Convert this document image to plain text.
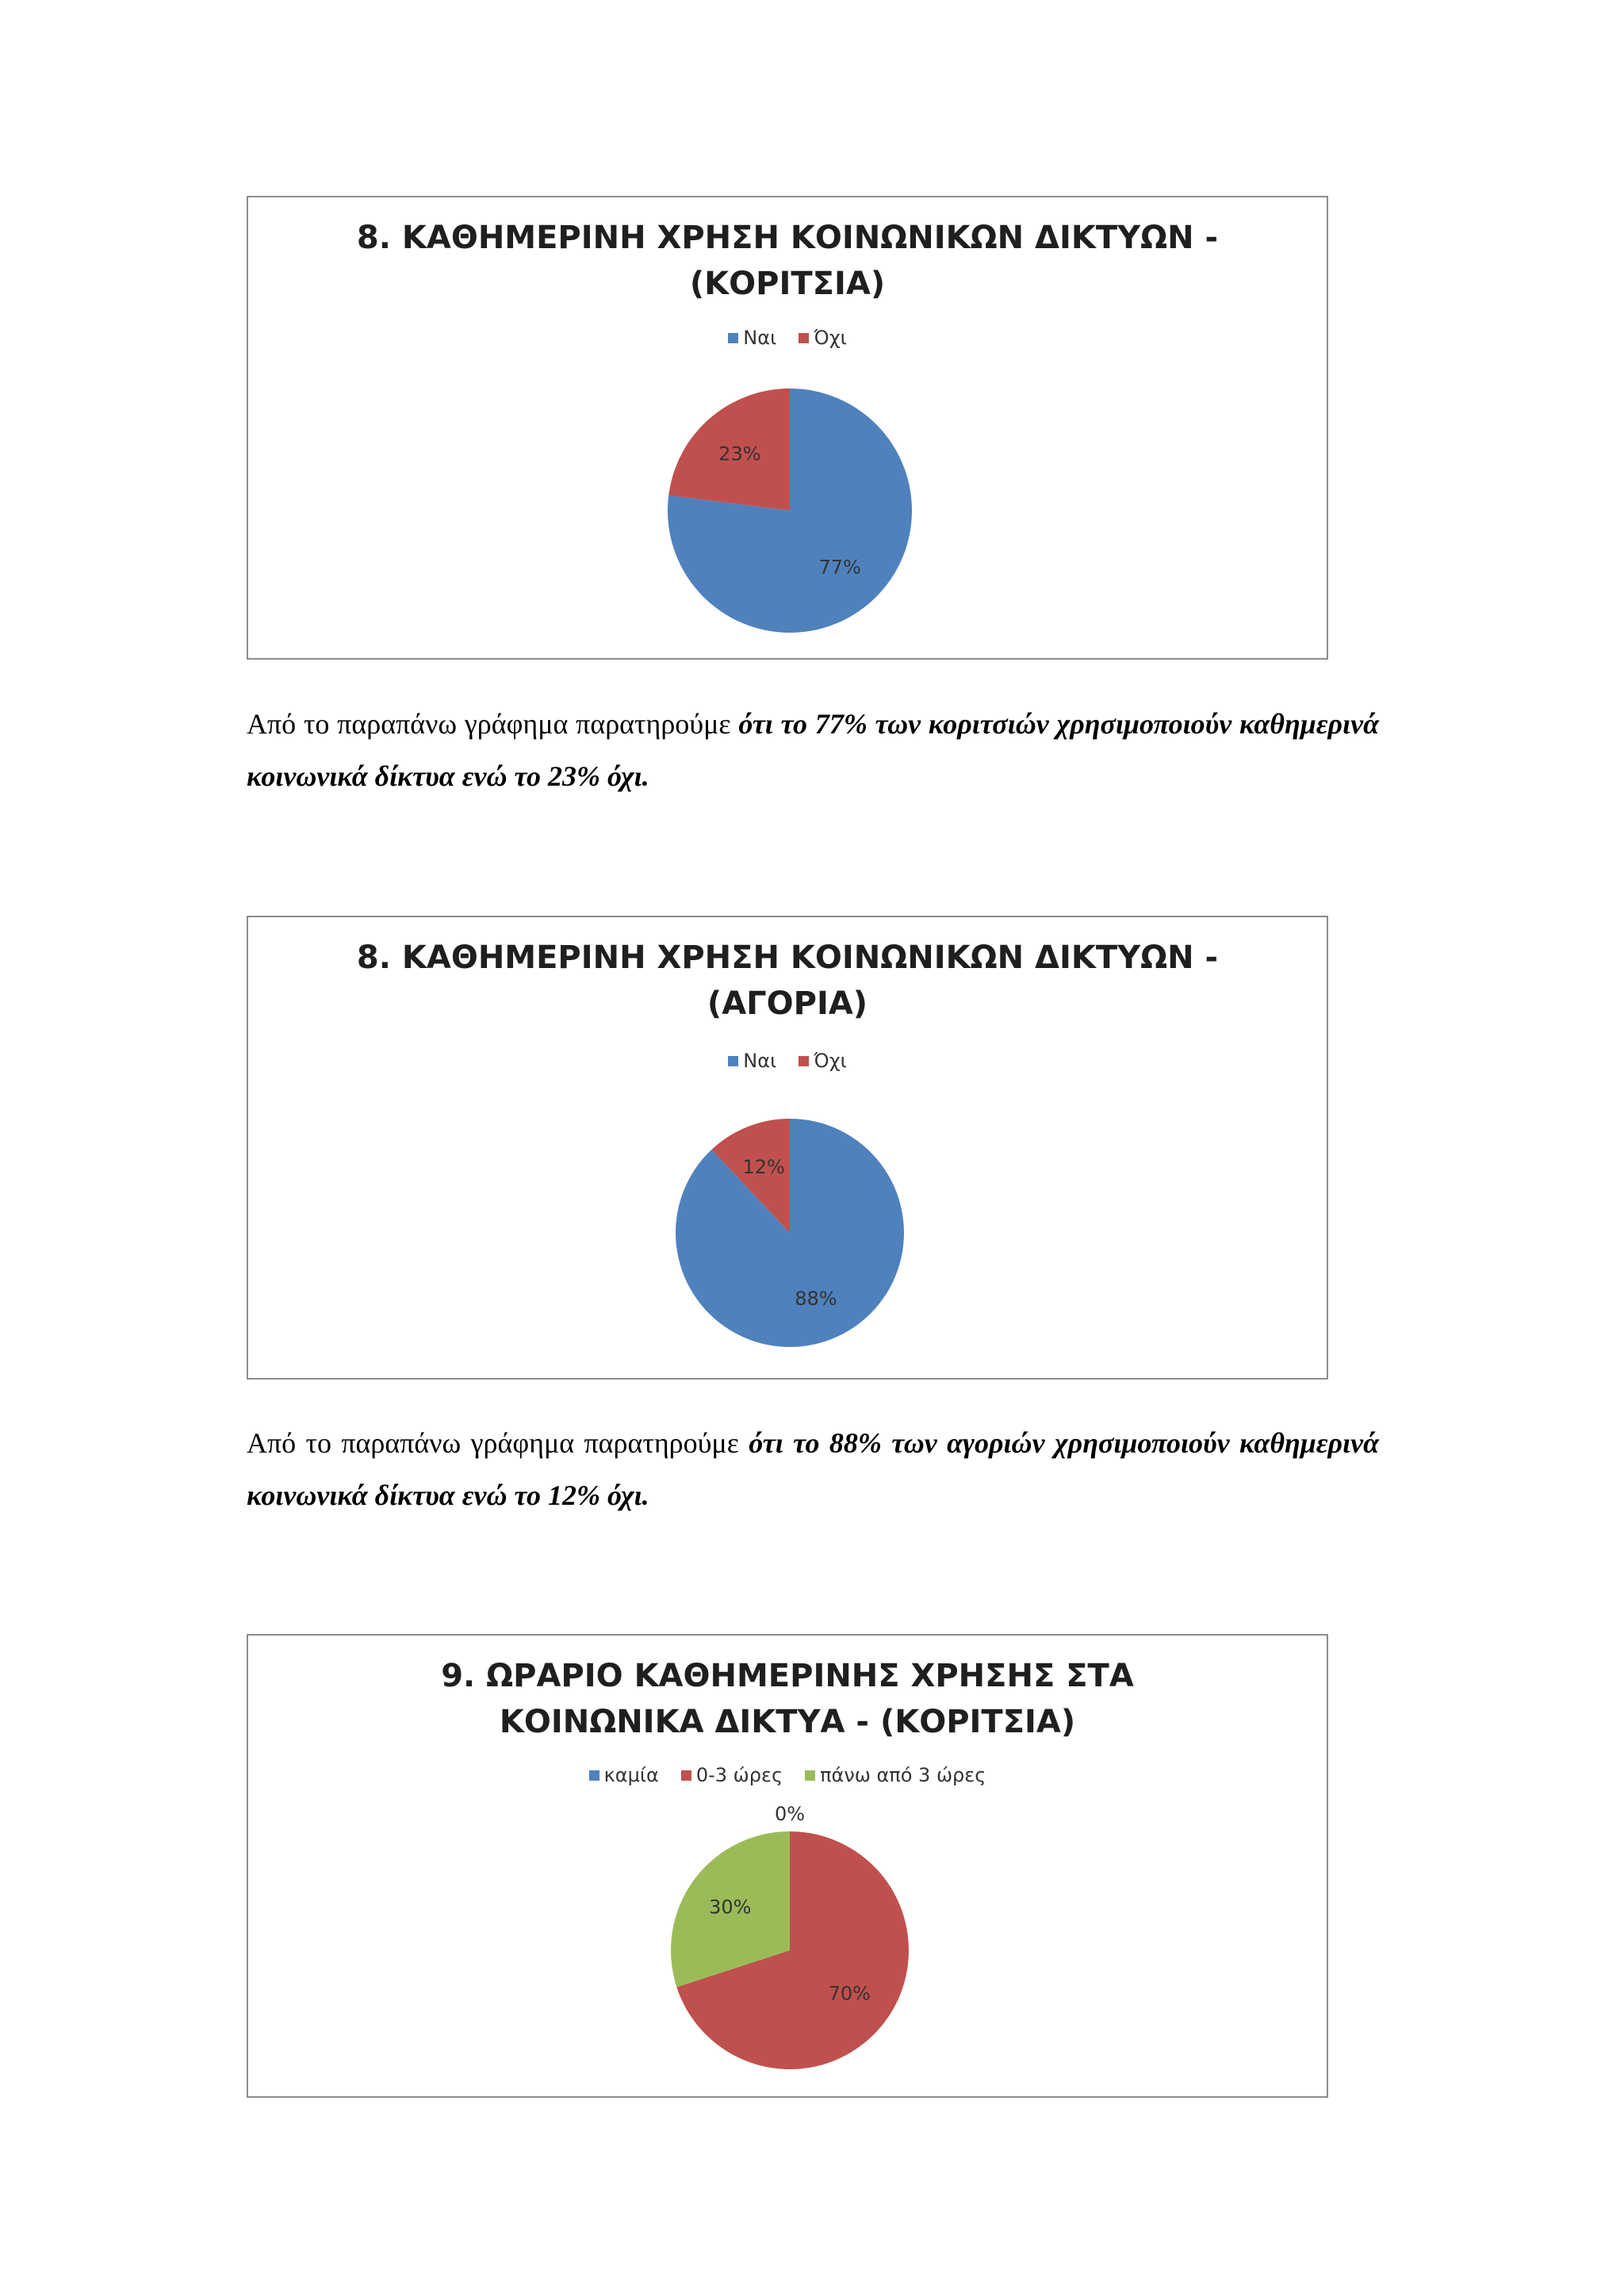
8. ΚΑΘΗΜΕΡΙΝΗ ΧΡΗΣΗ ΚΟΙΝΩΝΙΚΩΝ ΔΙΚΤΥΩΝ -
(ΚΟΡΙΤΣΙΑ)
Ναι Όχι
77%
23%
Από το παραπάνω γράφημα παρατηρούμε ότι το 77% των κοριτσιών χρησιμοποιούν καθημερινά κοινωνικά δίκτυα ενώ το 23% όχι.
8. ΚΑΘΗΜΕΡΙΝΗ ΧΡΗΣΗ ΚΟΙΝΩΝΙΚΩΝ ΔΙΚΤΥΩΝ -
(ΑΓΟΡΙΑ)
Ναι Όχι
88%
12%
Από το παραπάνω γράφημα παρατηρούμε ότι το 88% των αγοριών χρησιμοποιούν καθημερινά κοινωνικά δίκτυα ενώ το 12% όχι.
9. ΩΡΑΡΙΟ ΚΑΘΗΜΕΡΙΝΗΣ ΧΡΗΣΗΣ ΣΤΑ
ΚΟΙΝΩΝΙΚΑ ΔΙΚΤΥΑ - (ΚΟΡΙΤΣΙΑ)
καμία 0-3 ώρες πάνω από 3 ώρες
0%
70%
30%
